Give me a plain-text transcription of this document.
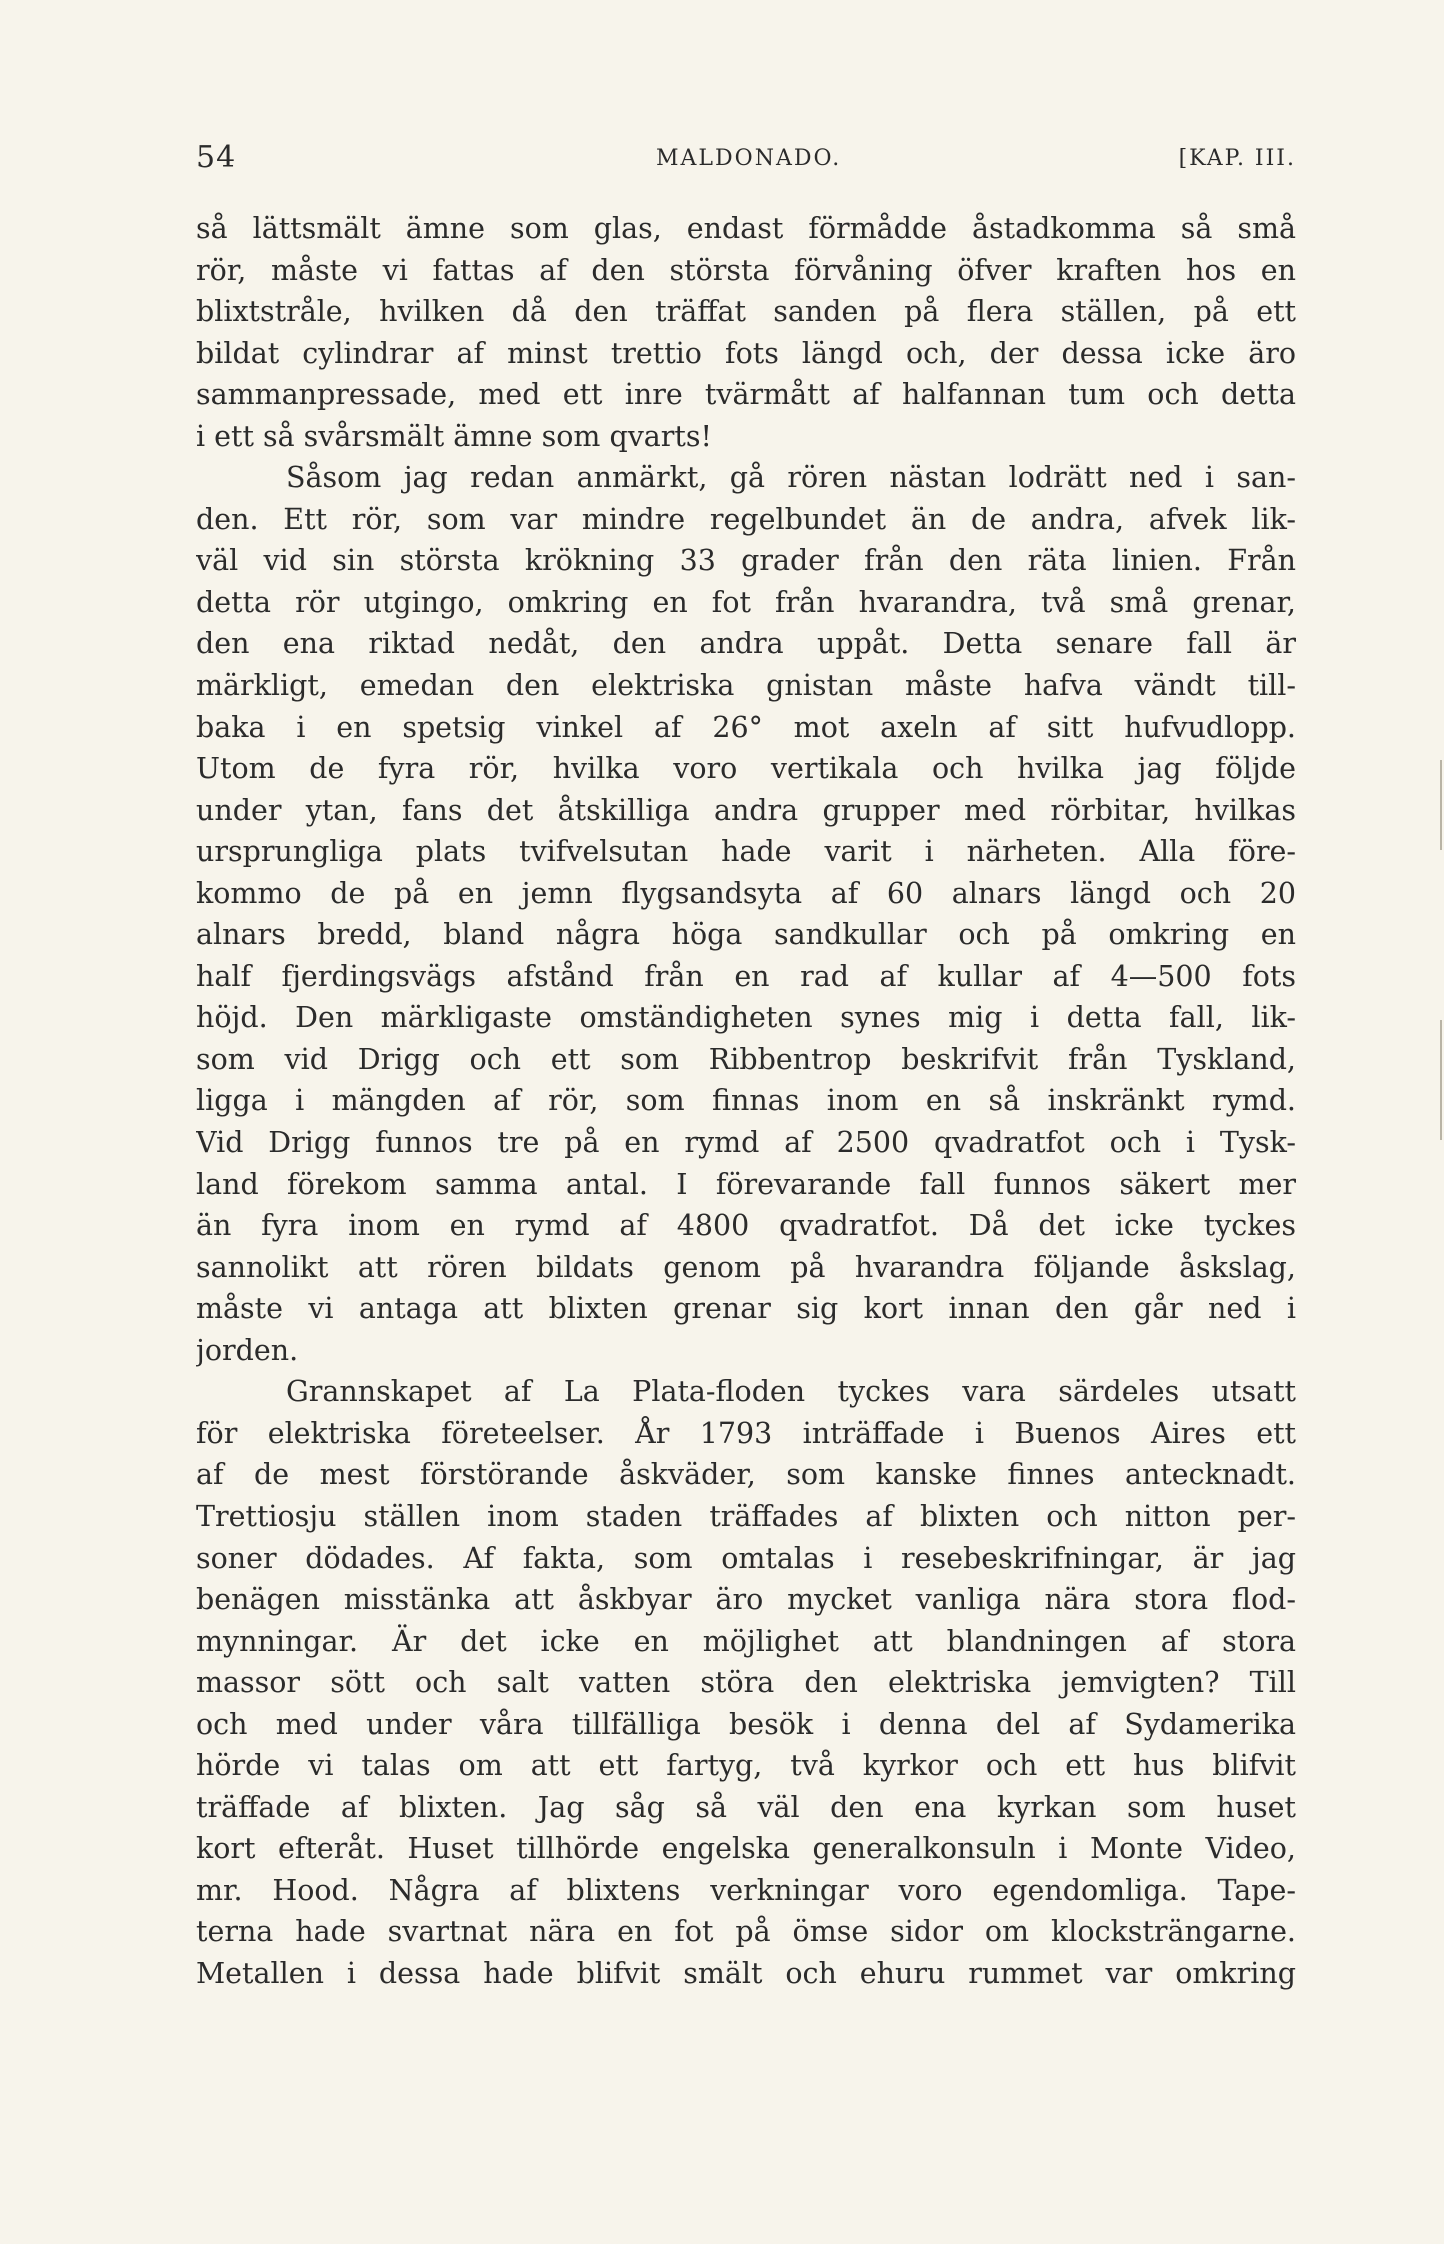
54	MALDONADO.	[KAP. III.
så lättsmält ämne som glas, endast förmådde åstadkomma så små
rör, måste vi fattas af den största förvåning öfver kraften hos en
blixtstråle, hvilken då den träffat sanden på flera ställen, på ett
bildat cylindrar af minst trettio fots längd och, der dessa icke äro
sammanpressade, med ett inre tvärmått af halfannan tum och detta
i ett så svårsmält ämne som qvarts!
Såsom jag redan anmärkt, gå rören nästan lodrätt ned i san-
den. Ett rör, som var mindre regelbundet än de andra, afvek lik-
väl vid sin största krökning 33 grader från den räta linien. Från
detta rör utgingo, omkring en fot från hvarandra, två små grenar,
den ena riktad nedåt, den andra uppåt. Detta senare fall är
märkligt, emedan den elektriska gnistan måste hafva vändt till-
baka i en spetsig vinkel af 26° mot axeln af sitt hufvudlopp.
Utom de fyra rör, hvilka voro vertikala och hvilka jag följde
under ytan, fans det åtskilliga andra grupper med rörbitar, hvilkas
ursprungliga plats tvifvelsutan hade varit i närheten. Alla före-
kommo de på en jemn flygsandsyta af 60 alnars längd och 20
alnars bredd, bland några höga sandkullar och på omkring en
half fjerdingsvägs afstånd från en rad af kullar af 4—500 fots
höjd. Den märkligaste omständigheten synes mig i detta fall, lik-
som vid Drigg och ett som Ribbentrop beskrifvit från Tyskland,
ligga i mängden af rör, som finnas inom en så inskränkt rymd.
Vid Drigg funnos tre på en rymd af 2500 qvadratfot och i Tysk-
land förekom samma antal. I förevarande fall funnos säkert mer
än fyra inom en rymd af 4800 qvadratfot. Då det icke tyckes
sannolikt att rören bildats genom på hvarandra följande åskslag,
måste vi antaga att blixten grenar sig kort innan den går ned i
jorden.
Grannskapet af La Plata-floden tyckes vara särdeles utsatt
för elektriska företeelser. År 1793 inträffade i Buenos Aires ett
af de mest förstörande åskväder, som kanske finnes antecknadt.
Trettiosju ställen inom staden träffades af blixten och nitton per-
soner dödades. Af fakta, som omtalas i resebeskrifningar, är jag
benägen misstänka att åskbyar äro mycket vanliga nära stora flod-
mynningar. Är det icke en möjlighet att blandningen af stora
massor sött och salt vatten störa den elektriska jemvigten? Till
och med under våra tillfälliga besök i denna del af Sydamerika
hörde vi talas om att ett fartyg, två kyrkor och ett hus blifvit
träffade af blixten. Jag såg så väl den ena kyrkan som huset
kort efteråt. Huset tillhörde engelska generalkonsuln i Monte Video,
mr. Hood. Några af blixtens verkningar voro egendomliga. Tape-
terna hade svartnat nära en fot på ömse sidor om klocksträngarne.
Metallen i dessa hade blifvit smält och ehuru rummet var omkring
